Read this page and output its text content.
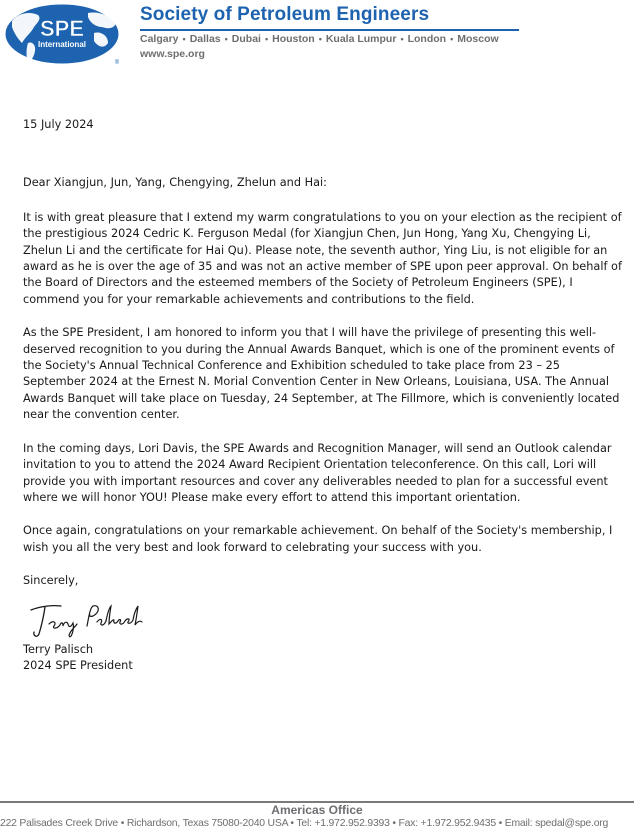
SPE
International
®
Society of Petroleum Engineers
Calgary • Dallas • Dubai • Houston • Kuala Lumpur • London • Moscow
www.spe.org

15 July 2024

Dear Xiangjun, Jun, Yang, Chengying, Zhelun and Hai:

It is with great pleasure that I extend my warm congratulations to you on your election as the recipient of the prestigious 2024 Cedric K. Ferguson Medal (for Xiangjun Chen, Jun Hong, Yang Xu, Chengying Li, Zhelun Li and the certificate for Hai Qu). Please note, the seventh author, Ying Liu, is not eligible for an award as he is over the age of 35 and was not an active member of SPE upon peer approval. On behalf of the Board of Directors and the esteemed members of the Society of Petroleum Engineers (SPE), I commend you for your remarkable achievements and contributions to the field.

As the SPE President, I am honored to inform you that I will have the privilege of presenting this well-deserved recognition to you during the Annual Awards Banquet, which is one of the prominent events of the Society's Annual Technical Conference and Exhibition scheduled to take place from 23 – 25 September 2024 at the Ernest N. Morial Convention Center in New Orleans, Louisiana, USA. The Annual Awards Banquet will take place on Tuesday, 24 September, at The Fillmore, which is conveniently located near the convention center.

In the coming days, Lori Davis, the SPE Awards and Recognition Manager, will send an Outlook calendar invitation to you to attend the 2024 Award Recipient Orientation teleconference. On this call, Lori will provide you with important resources and cover any deliverables needed to plan for a successful event where we will honor YOU! Please make every effort to attend this important orientation.

Once again, congratulations on your remarkable achievement. On behalf of the Society's membership, I wish you all the very best and look forward to celebrating your success with you.

Sincerely,

Terry Palisch

2024 SPE President

Americas Office
222 Palisades Creek Drive • Richardson, Texas 75080-2040 USA • Tel: +1.972.952.9393 • Fax: +1.972.952.9435 • Email: spedal@spe.org
